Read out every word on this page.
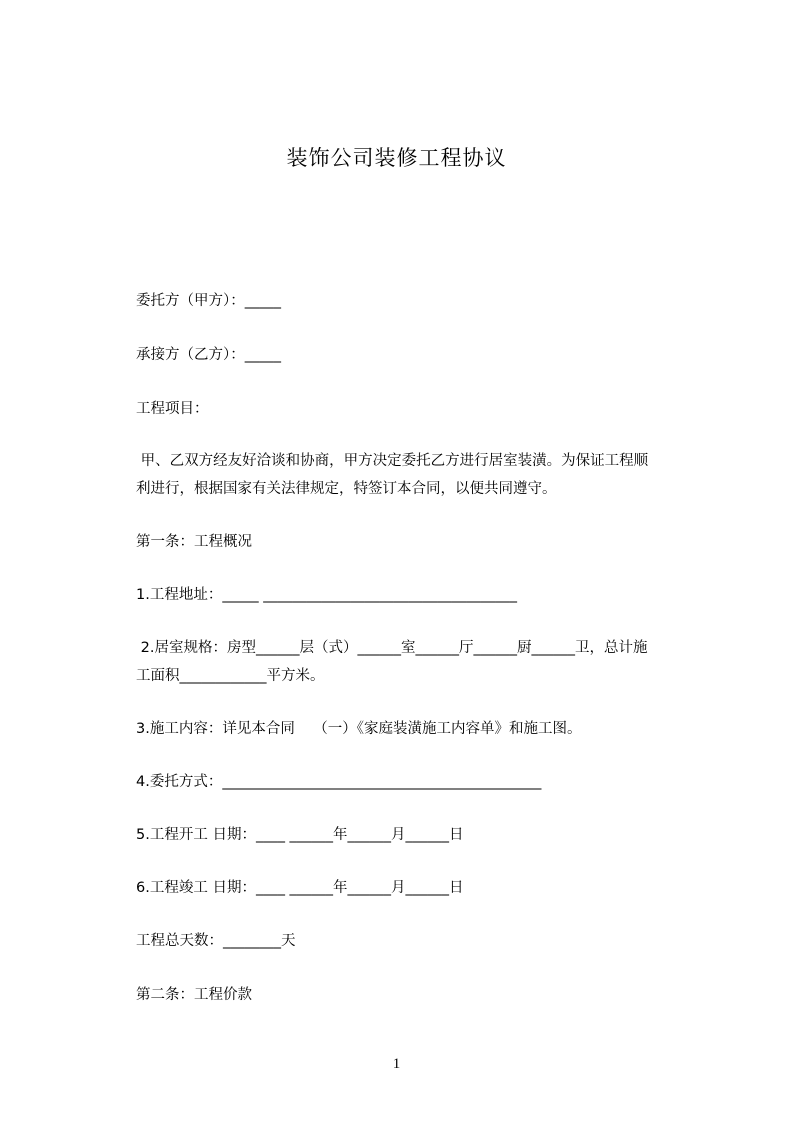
装饰公司装修工程协议
委托方（甲方）：_____
承接方（乙方）：_____
工程项目：
甲、乙双方经友好洽谈和协商，甲方决定委托乙方进行居室装潢。为保证工程顺
利进行，根据国家有关法律规定，特签订本合同，以便共同遵守。
第一条：工程概况
1.工程地址：_____ ___________________________________
2.居室规格：房型______层（式）______室______厅______厨______卫，总计施
工面积____________平方米。
3.施工内容：详见本合同    （一）《家庭装潢施工内容单》和施工图。
4.委托方式：____________________________________________
5.工程开工 日期：____ ______年______月______日
6.工程竣工 日期：____ ______年______月______日
工程总天数：________天
第二条：工程价款
1
